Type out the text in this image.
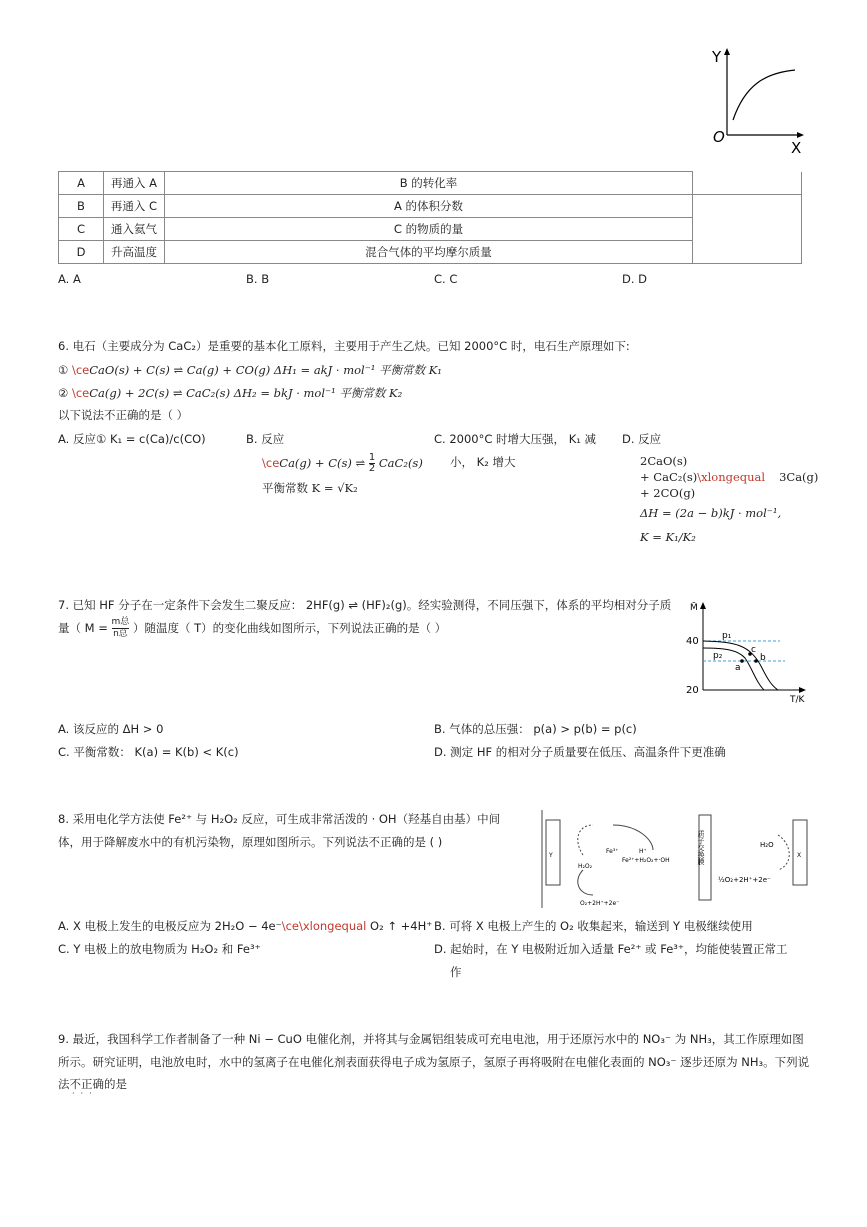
Y
O
X
A	再通入 A	B 的转化率	
B	再通入 C	A 的体积分数	
C	通入氦气	C 的物质的量	
D	升高温度	混合气体的平均摩尔质量	
A. A	B. B	C. C	D. D
6. 电石（主要成分为 CaC₂）是重要的基本化工原料，主要用于产生乙炔。已知 2000°C 时，电石生产原理如下:
① \ceCaO(s) + C(s) ⇌ Ca(g) + CO(g) ΔH₁ = akJ · mol⁻¹ 平衡常数 K₁
② \ceCa(g) + 2C(s) ⇌ CaC₂(s) ΔH₂ = bkJ · mol⁻¹ 平衡常数 K₂
以下说法不正确的是（ ）
A. 反应① K₁ = c(Ca)/c(CO)	B. 反应
\ceCa(g) + C(s) ⇌ $\frac{1}{2} CaC_2(s)$
平衡常数 K = √K₂
C. 2000°C 时增大压强， K₁ 减
小， K₂ 增大
D. 反应
2CaO(s)
+ CaC₂(s)\xlongequal 3Ca(g)
+ 2CO(g)
ΔH = (2a − b)kJ · mol⁻¹,
K = K₁/K₂
7. 已知 HF 分子在一定条件下会发生二聚反应： 2HF(g) ⇌ (HF)₂(g)。经实验测得，不同压强下，体系的平均相对分子质
量（ M = m总
n总 ）随温度（ T）的变化曲线如图所示，下列说法正确的是（ ）
M̄
40
20
p₁
p₂
a
c
b
T/K
A. 该反应的 ΔH > 0	B. 气体的总压强： p(a) > p(b) = p(c)
C. 平衡常数： K(a) = K(b) < K(c)	D. 测定 HF 的相对分子质量要在低压、高温条件下更准确
8. 采用电化学方法使 Fe²⁺ 与 H₂O₂ 反应，可生成非常活泼的 · OH（羟基自由基）中间
体，用于降解废水中的有机污染物，原理如图所示。下列说法不正确的是 ( )
Y	质子交换膜	X
Fe³⁺	H⁺
Fe²⁺+H₂O₂+·OH
H₂O₂
O₂+2H⁺+2e⁻
H₂O
½O₂+2H⁺+2e⁻
A. X 电极上发生的电极反应为 2H₂O − 4e⁻\ce\xlongequal O₂ ↑ +4H⁺ B. 可将 X 电极上产生的 O₂ 收集起来，输送到 Y 电极继续使用
C. Y 电极上的放电物质为 H₂O₂ 和 Fe³⁺	D. 起始时，在 Y 电极附近加入适量 Fe²⁺ 或 Fe³⁺，均能使装置正常工
作
9. 最近，我国科学工作者制备了一种 Ni − CuO 电催化剂，并将其与金属铝组装成可充电电池，用于还原污水中的 NO₃⁻ 为 NH₃，其工作原理如图
所示。研究证明，电池放电时，水中的氢离子在电催化剂表面获得电子成为氢原子，氢原子再将吸附在电催化表面的 NO₃⁻ 逐步还原为 NH₃。下列说
法不正确的是
···
